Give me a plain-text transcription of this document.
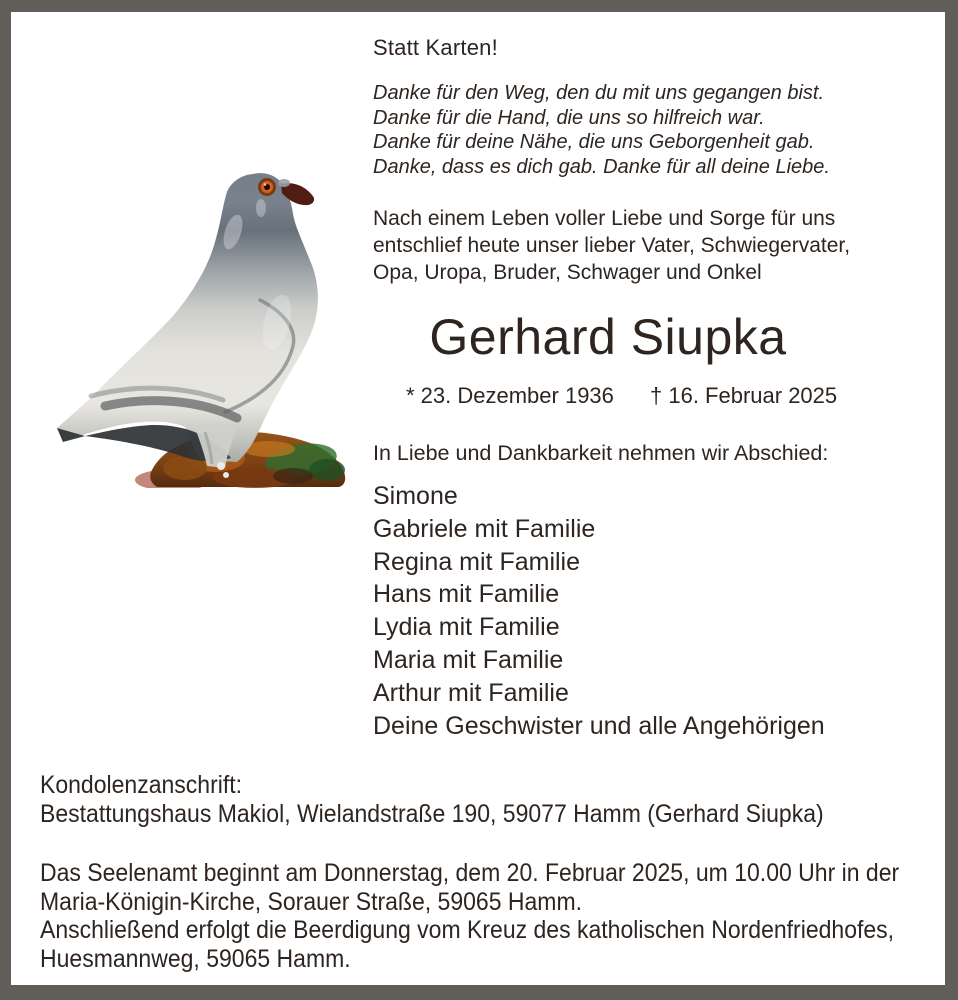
Statt Karten!
Danke für den Weg, den du mit uns gegangen bist.
Danke für die Hand, die uns so hilfreich war.
Danke für deine Nähe, die uns Geborgenheit gab.
Danke, dass es dich gab. Danke für all deine Liebe.
Nach einem Leben voller Liebe und Sorge für uns
entschlief heute unser lieber Vater, Schwiegervater,
Opa, Uropa, Bruder, Schwager und Onkel
Gerhard Siupka
* 23. Dezember 1936 † 16. Februar 2025
In Liebe und Dankbarkeit nehmen wir Abschied:
Simone
Gabriele mit Familie
Regina mit Familie
Hans mit Familie
Lydia mit Familie
Maria mit Familie
Arthur mit Familie
Deine Geschwister und alle Angehörigen
Kondolenzanschrift:
Bestattungshaus Makiol, Wielandstraße 190, 59077 Hamm (Gerhard Siupka)
Das Seelenamt beginnt am Donnerstag, dem 20. Februar 2025, um 10.00 Uhr in der
Maria-Königin-Kirche, Sorauer Straße, 59065 Hamm.
Anschließend erfolgt die Beerdigung vom Kreuz des katholischen Nordenfriedhofes,
Huesmannweg, 59065 Hamm.
